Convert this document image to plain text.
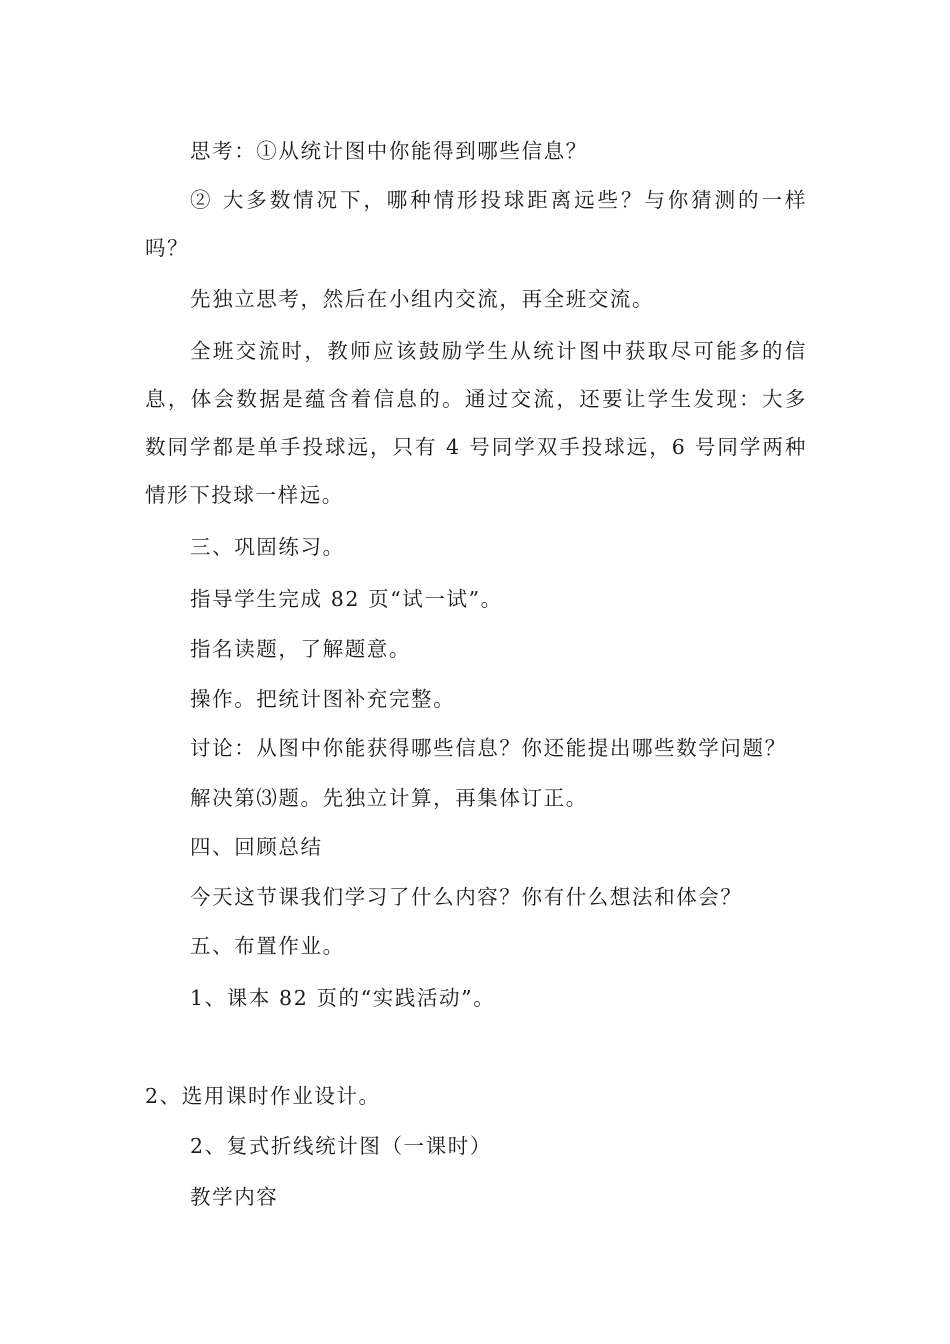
思考：①从统计图中你能得到哪些信息？

② 大多数情况下，哪种情形投球距离远些？与你猜测的一样吗？

先独立思考，然后在小组内交流，再全班交流。

全班交流时，教师应该鼓励学生从统计图中获取尽可能多的信息，体会数据是蕴含着信息的。通过交流，还要让学生发现：大多数同学都是单手投球远，只有 4 号同学双手投球远，6 号同学两种情形下投球一样远。

三、巩固练习。

指导学生完成 82 页“试一试”。

指名读题，了解题意。

操作。把统计图补充完整。

讨论：从图中你能获得哪些信息？你还能提出哪些数学问题？

解决第⑶题。先独立计算，再集体订正。

四、回顾总结

今天这节课我们学习了什么内容？你有什么想法和体会？

五、布置作业。

1、课本 82 页的“实践活动”。

2、选用课时作业设计。

2、复式折线统计图（一课时）

教学内容
